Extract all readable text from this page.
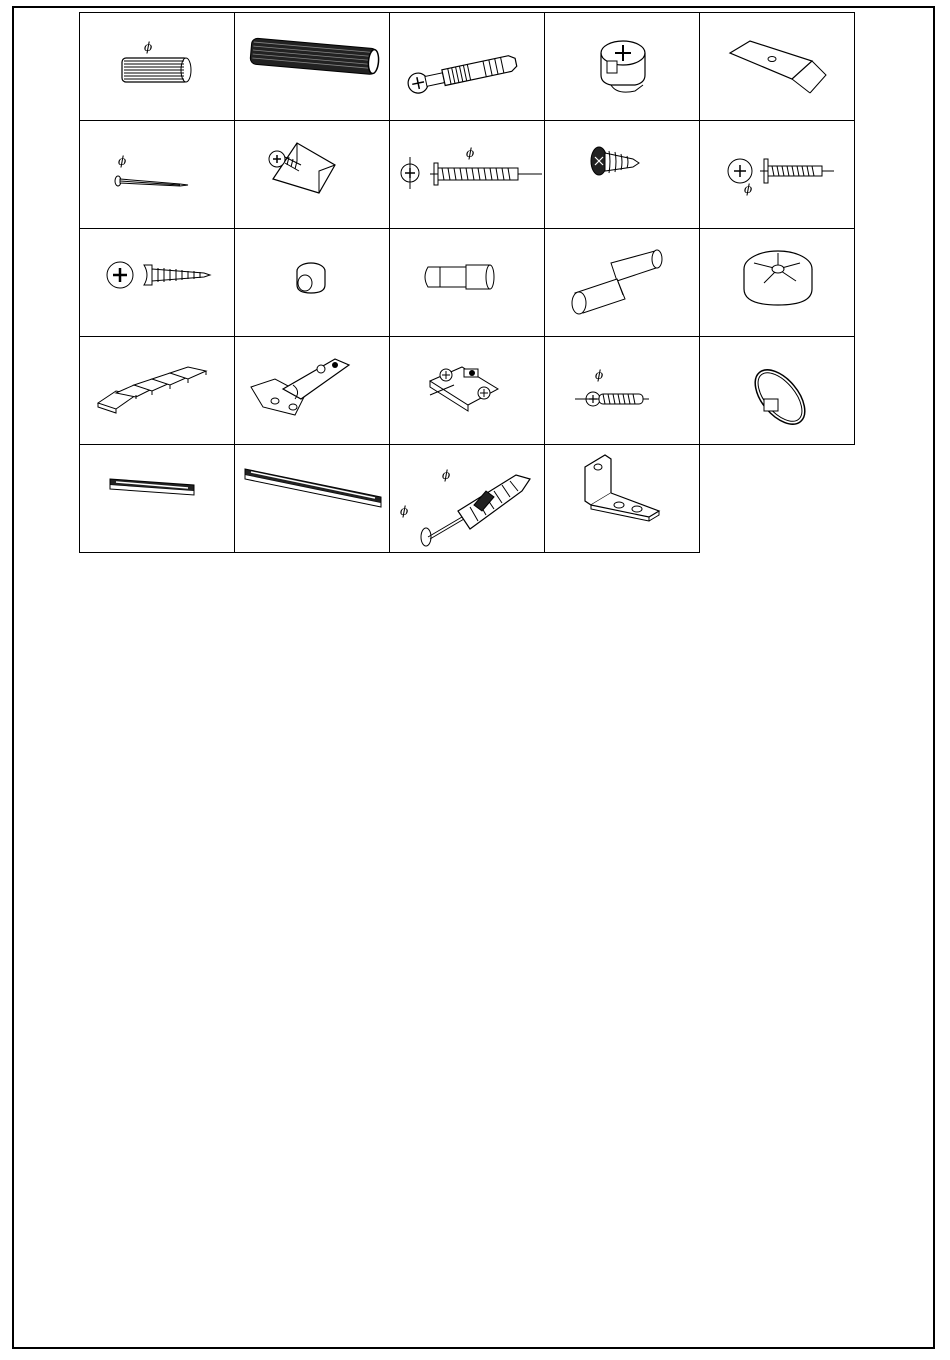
ϕ

ϕ		ϕ		ϕ

ϕ

ϕ
ϕ
